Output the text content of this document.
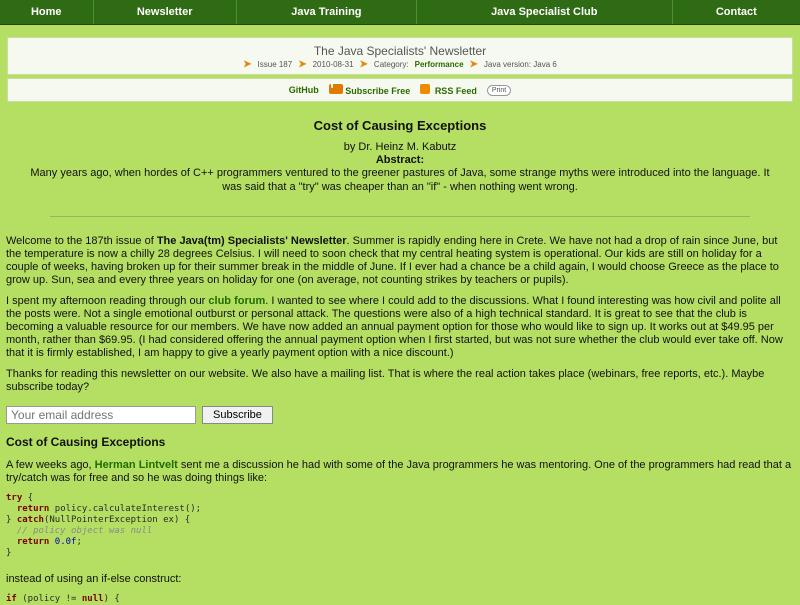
Home	Newsletter	Java Training	Java Specialist Club	Contact
The Java Specialists' Newsletter
➤ Issue 187 ➤ 2010-08-31 ➤ Category: Performance ➤ Java version: Java 6
GitHub	Subscribe Free	RSS Feed	Print
Cost of Causing Exceptions
by Dr. Heinz M. Kabutz
Abstract:
Many years ago, when hordes of C++ programmers ventured to the greener pastures of Java, some strange myths were introduced into the language. It was said that a "try" was cheaper than an "if" - when nothing went wrong.

Welcome to the 187th issue of The Java(tm) Specialists' Newsletter. Summer is rapidly ending here in Crete. We have not had a drop of rain since June, but the temperature is now a chilly 28 degrees Celsius. I will need to soon check that my central heating system is operational. Our kids are still on holiday for a couple of weeks, having broken up for their summer break in the middle of June. If I ever had a chance be a child again, I would choose Greece as the place to grow up. Sun, sea and every three years on holiday for one (on average, not counting strikes by teachers or pupils).

I spent my afternoon reading through our club forum. I wanted to see where I could add to the discussions. What I found interesting was how civil and polite all the posts were. Not a single emotional outburst or personal attack. The questions were also of a high technical standard. It is great to see that the club is becoming a valuable resource for our members. We have now added an annual payment option for those who would like to sign up. It works out at $49.95 per month, rather than $69.95. (I had considered offering the annual payment option when I first started, but was not sure whether the club would ever take off. Now that it is firmly established, I am happy to give a yearly payment option with a nice discount.)

Thanks for reading this newsletter on our website. We also have a mailing list. That is where the real action takes place (webinars, free reports, etc.). Maybe subscribe today?

Your email address
Subscribe
Cost of Causing Exceptions

A few weeks ago, Herman Lintvelt sent me a discussion he had with some of the Java programmers he was mentoring. One of the programmers had read that a try/catch was for free and so he was doing things like:

try {
return policy.calculateInterest();
} catch(NullPointerException ex) {
// policy object was null
return 0.0f;
}

instead of using an if-else construct:

if (policy != null) {
